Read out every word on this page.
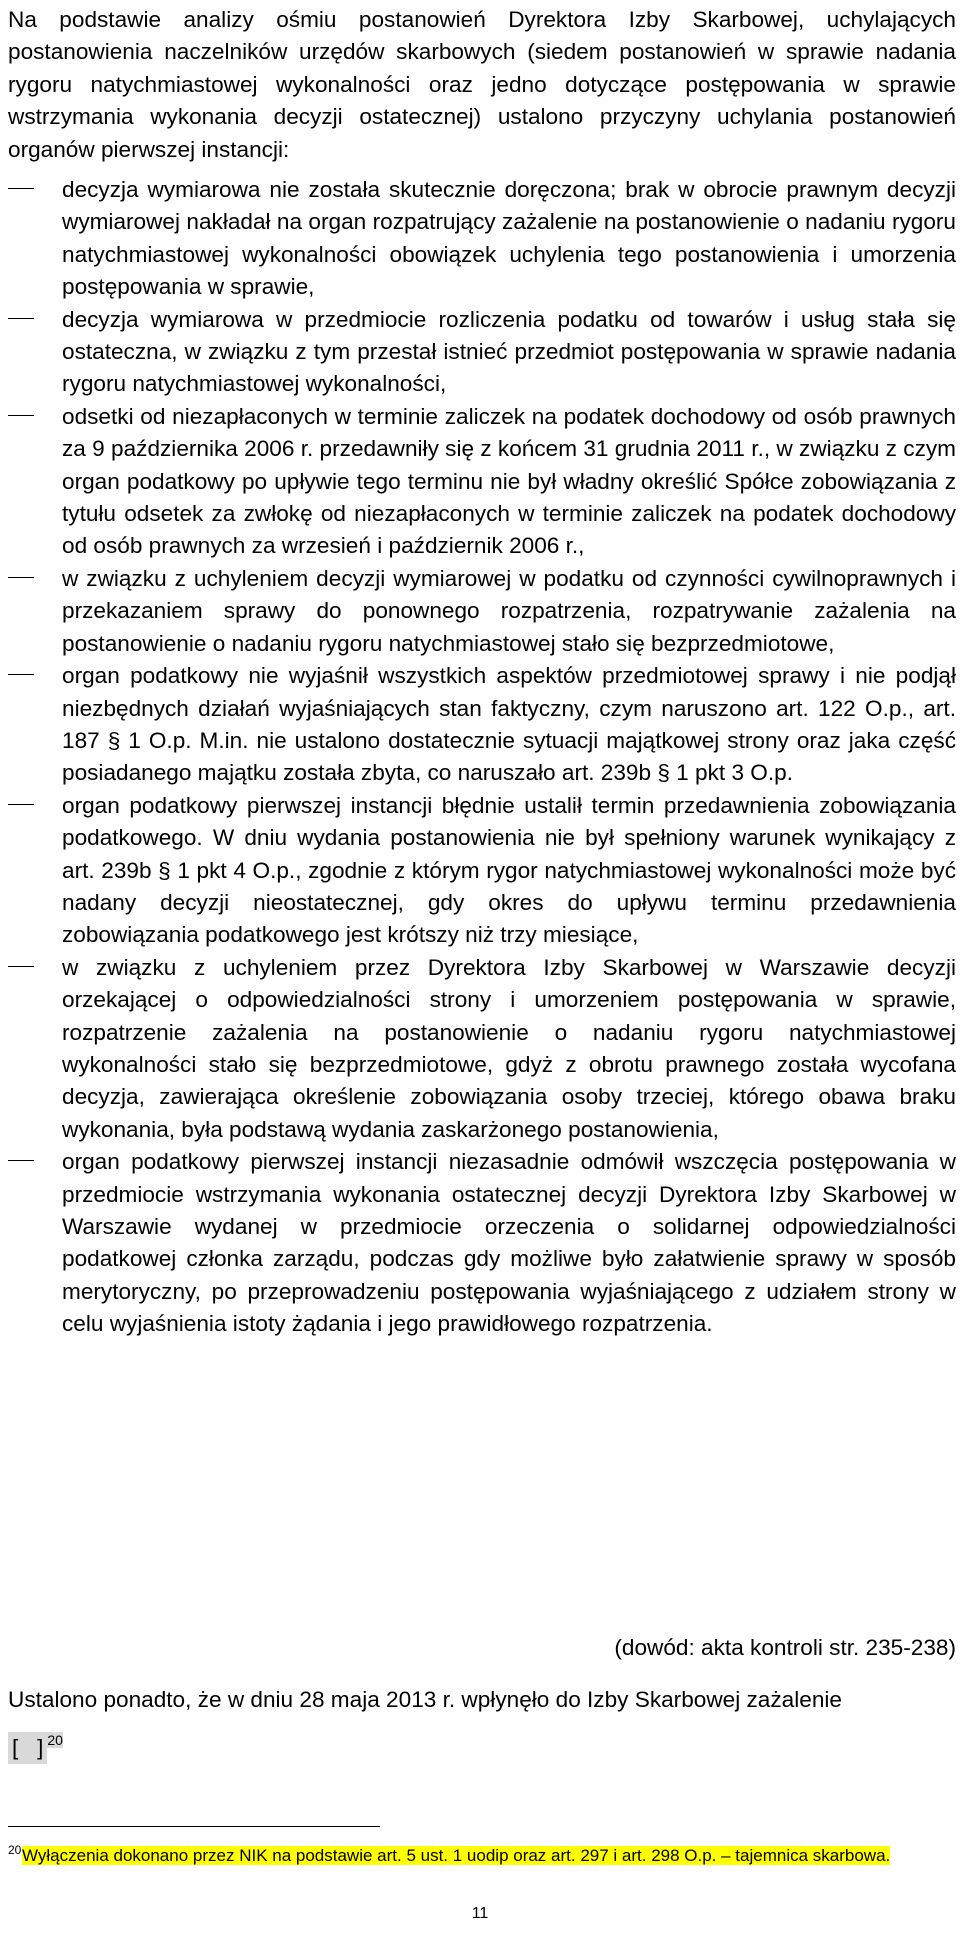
Na podstawie analizy ośmiu postanowień Dyrektora Izby Skarbowej, uchylających postanowienia naczelników urzędów skarbowych (siedem postanowień w sprawie nadania rygoru natychmiastowej wykonalności oraz jedno dotyczące postępowania w sprawie wstrzymania wykonania decyzji ostatecznej) ustalono przyczyny uchylania postanowień organów pierwszej instancji:

decyzja wymiarowa nie została skutecznie doręczona; brak w obrocie prawnym decyzji wymiarowej nakładał na organ rozpatrujący zażalenie na postanowienie o nadaniu rygoru natychmiastowej wykonalności obowiązek uchylenia tego postanowienia i umorzenia postępowania w sprawie,
decyzja wymiarowa w przedmiocie rozliczenia podatku od towarów i usług stała się ostateczna, w związku z tym przestał istnieć przedmiot postępowania w sprawie nadania rygoru natychmiastowej wykonalności,
odsetki od niezapłaconych w terminie zaliczek na podatek dochodowy od osób prawnych za 9 października 2006 r. przedawniły się z końcem 31 grudnia 2011 r., w związku z czym organ podatkowy po upływie tego terminu nie był władny określić Spółce zobowiązania z tytułu odsetek za zwłokę od niezapłaconych w terminie zaliczek na podatek dochodowy od osób prawnych za wrzesień i październik 2006 r.,
w związku z uchyleniem decyzji wymiarowej w podatku od czynności cywilnoprawnych i przekazaniem sprawy do ponownego rozpatrzenia, rozpatrywanie zażalenia na postanowienie o nadaniu rygoru natychmiastowej stało się bezprzedmiotowe,
organ podatkowy nie wyjaśnił wszystkich aspektów przedmiotowej sprawy i nie podjął niezbędnych działań wyjaśniających stan faktyczny, czym naruszono art. 122 O.p., art. 187 § 1 O.p. M.in. nie ustalono dostatecznie sytuacji majątkowej strony oraz jaka część posiadanego majątku została zbyta, co naruszało art. 239b § 1 pkt 3 O.p.
organ podatkowy pierwszej instancji błędnie ustalił termin przedawnienia zobowiązania podatkowego. W dniu wydania postanowienia nie był spełniony warunek wynikający z art. 239b § 1 pkt 4 O.p., zgodnie z którym rygor natychmiastowej wykonalności może być nadany decyzji nieostatecznej, gdy okres do upływu terminu przedawnienia zobowiązania podatkowego jest krótszy niż trzy miesiące,
w związku z uchyleniem przez Dyrektora Izby Skarbowej w Warszawie decyzji orzekającej o odpowiedzialności strony i umorzeniem postępowania w sprawie, rozpatrzenie zażalenia na postanowienie o nadaniu rygoru natychmiastowej wykonalności stało się bezprzedmiotowe, gdyż z obrotu prawnego została wycofana decyzja, zawierająca określenie zobowiązania osoby trzeciej, którego obawa braku wykonania, była podstawą wydania zaskarżonego postanowienia,
organ podatkowy pierwszej instancji niezasadnie odmówił wszczęcia postępowania w przedmiocie wstrzymania wykonania ostatecznej decyzji Dyrektora Izby Skarbowej w Warszawie wydanej w przedmiocie orzeczenia o solidarnej odpowiedzialności podatkowej członka zarządu, podczas gdy możliwe było załatwienie sprawy w sposób merytoryczny, po przeprowadzeniu postępowania wyjaśniającego z udziałem strony w celu wyjaśnienia istoty żądania i jego prawidłowego rozpatrzenia.

(dowód: akta kontroli str. 235-238)

Ustalono ponadto, że w dniu 28 maja 2013 r. wpłynęło do Izby Skarbowej zażalenie

[   ] $^{20}$

20 Wyłączenia dokonano przez NIK na podstawie art. 5 ust. 1 uodip oraz art. 297 i art. 298 O.p. – tajemnica skarbowa.

11
